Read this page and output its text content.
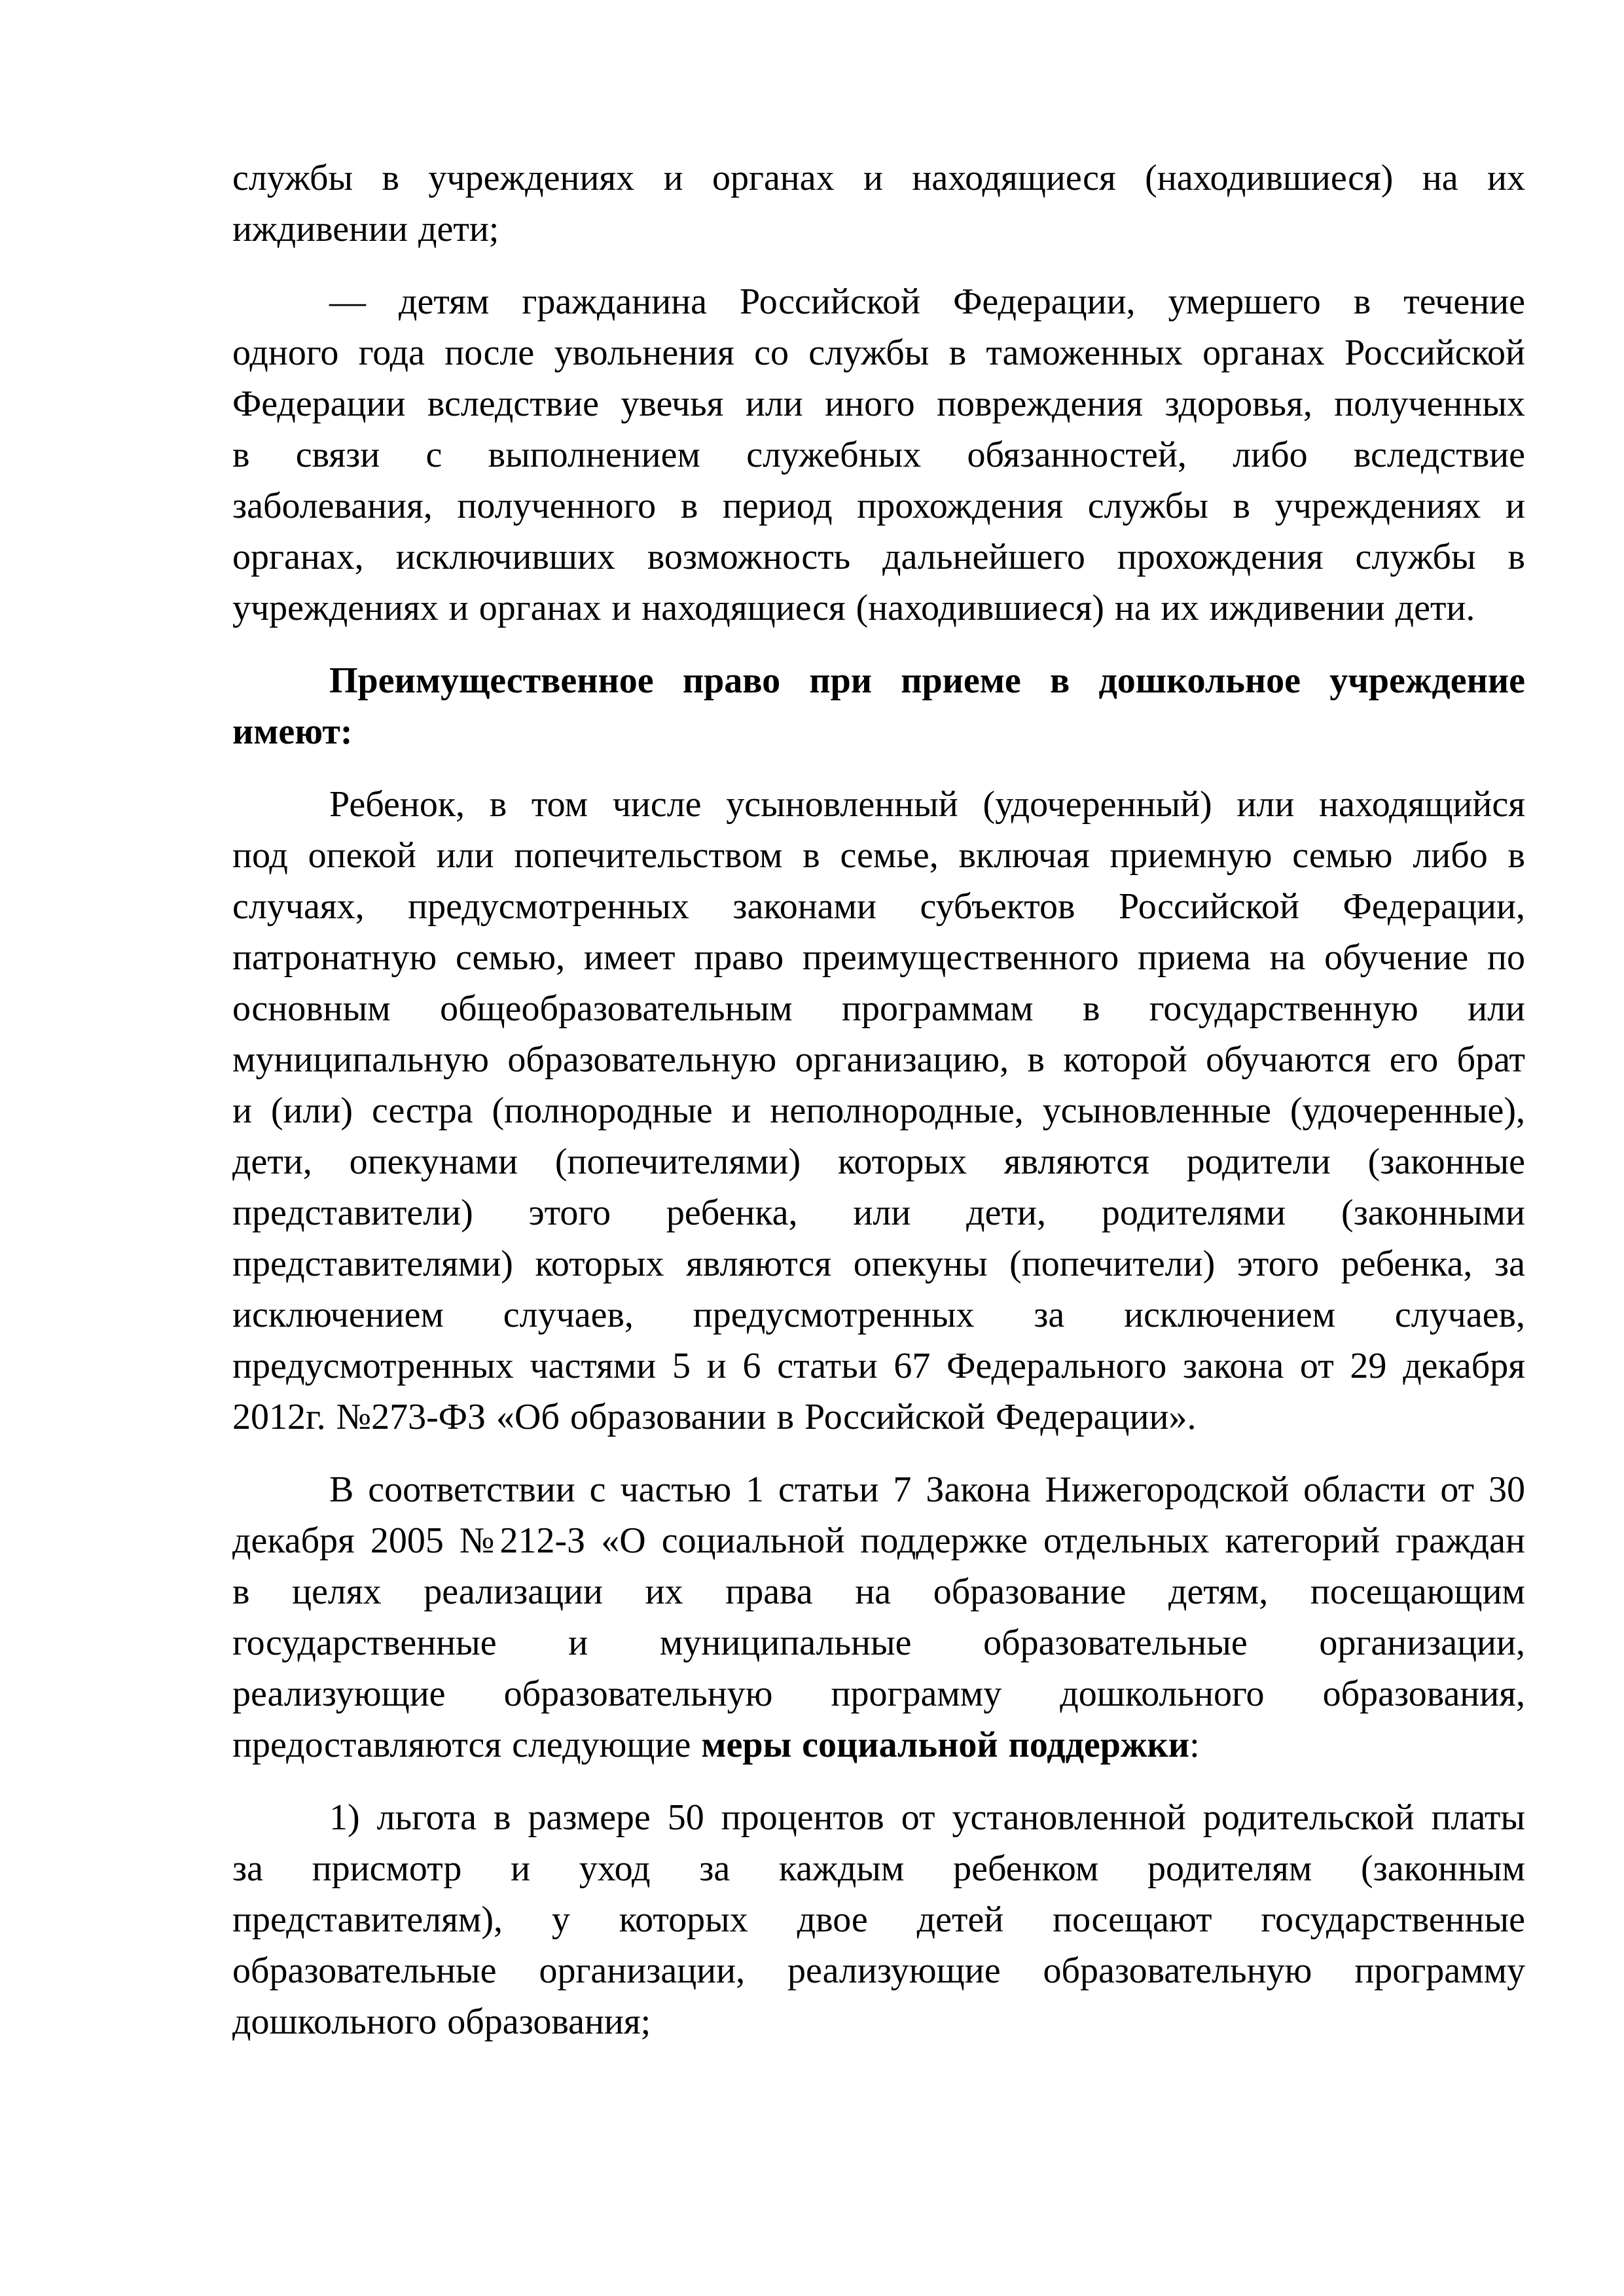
службы в учреждениях и органах и находящиеся (находившиеся) на их
иждивении дети;

— детям гражданина Российской Федерации, умершего в течение
одного года после увольнения со службы в таможенных органах Российской
Федерации вследствие увечья или иного повреждения здоровья, полученных
в связи с выполнением служебных обязанностей, либо вследствие
заболевания, полученного в период прохождения службы в учреждениях и
органах, исключивших возможность дальнейшего прохождения службы в
учреждениях и органах и находящиеся (находившиеся) на их иждивении дети.

Преимущественное право при приеме в дошкольное учреждение
имеют:

Ребенок, в том числе усыновленный (удочеренный) или находящийся
под опекой или попечительством в семье, включая приемную семью либо в
случаях, предусмотренных законами субъектов Российской Федерации,
патронатную семью, имеет право преимущественного приема на обучение по
основным общеобразовательным программам в государственную или
муниципальную образовательную организацию, в которой обучаются его брат
и (или) сестра (полнородные и неполнородные, усыновленные (удочеренные),
дети, опекунами (попечителями) которых являются родители (законные
представители) этого ребенка, или дети, родителями (законными
представителями) которых являются опекуны (попечители) этого ребенка, за
исключением случаев, предусмотренных за исключением случаев,
предусмотренных частями 5 и 6 статьи 67 Федерального закона от 29 декабря
2012г. №273-ФЗ «Об образовании в Российской Федерации».

В соответствии с частью 1 статьи 7 Закона Нижегородской области от 30
декабря 2005 №212-З «О социальной поддержке отдельных категорий граждан
в целях реализации их права на образование детям, посещающим
государственные и муниципальные образовательные организации,
реализующие образовательную программу дошкольного образования,
предоставляются следующие меры социальной поддержки:

1) льгота в размере 50 процентов от установленной родительской платы
за присмотр и уход за каждым ребенком родителям (законным
представителям), у которых двое детей посещают государственные
образовательные организации, реализующие образовательную программу
дошкольного образования;
